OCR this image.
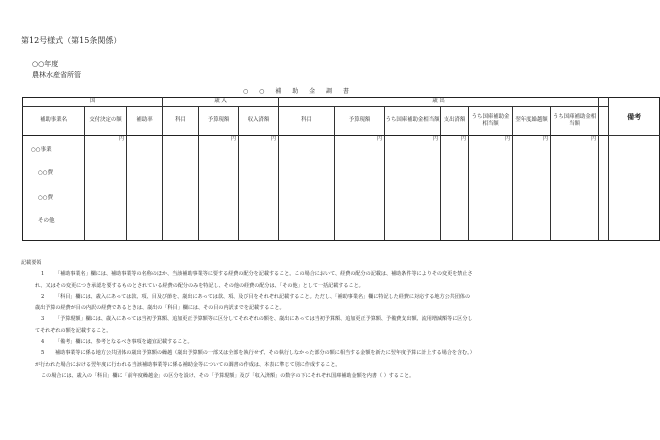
第12号様式（第15条関係）
○○年度
農林水産省所管
○ ○ 補 助 金 調 書
国			歳 入			歳 出								備考
補助事業名	交付決定の額	補助率	科目	予算現額	収入済額	科目	予算現額	うち国庫補助金相当額	支出済額	うち国庫補助金相当額	翌年度繰越額	うち国庫補助金相当額		

	円			円	円		円	円	円	円	円	円		

○○事業
○○費
○○費
その他
記載要領
1 「補助事業名」欄には、補助事業等の名称のほか、当該補助事業等に要する経費の配分を記載すること。この場合において、経費の配分の記載は、補助条件等によりその変更を禁止さ
れ、又はその変更につき承認を要するものとされている経費の配分のみを特記し、その他の経費の配分は、「その他」として一括記載すること。
2 「科目」欄には、歳入にあっては款、項、目及び節を、歳出にあっては款、項、及び目をそれぞれ記載すること。ただし、「補助事業名」欄に特記した経費に対応する地方公共団体の
歳出予算の経費が目の内訳の経費であるときは、歳出の「科目」欄には、その目の内訳までを記載すること。
3 「予算現額」欄には、歳入にあっては当初予算額、追加更正予算額等に区分してそれぞれの額を、歳出にあっては当初予算額、追加更正予算額、予備費支出額、流用増減額等に区分し
てそれぞれの額を記載すること。
4 「備考」欄には、参考となるべき事項を適宜記載すること。
5 補助事業等に係る地方公共団体の歳出予算額の繰越（歳出予算額の一部又は全部を執行せず、その執行しなかった部分の額に相当する金額を新たに翌年度予算に計上する場合を含む。）
が行われた場合における翌年度に行われる当該補助事業等に係る補助金等についての調書の作成は、本表に準じて別に作成すること。
この場合には、歳入の「科目」欄に「前年度繰越金」の区分を設け、その「予算現額」及び「収入済額」の数字の下にそれぞれ国庫補助金額を内書（ ）すること。
